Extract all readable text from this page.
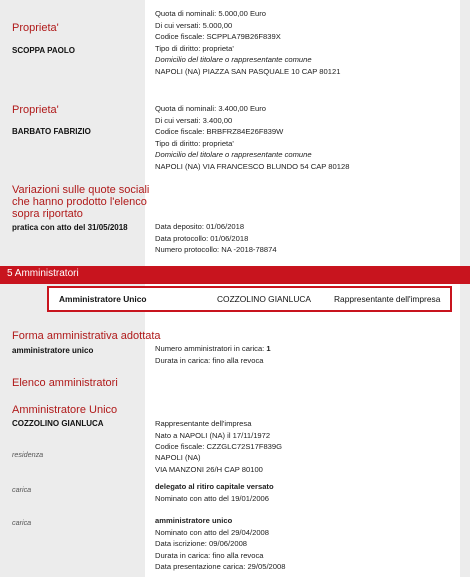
Proprieta'
SCOPPA PAOLO
Quota di nominali: 5.000,00 Euro
Di cui versati: 5.000,00
Codice fiscale: SCPPLA79B26F839X
Tipo di diritto: proprieta'
Domicilio del titolare o rappresentante comune
NAPOLI (NA) PIAZZA SAN PASQUALE 10 CAP 80121
Proprieta'
BARBATO FABRIZIO
Quota di nominali: 3.400,00 Euro
Di cui versati: 3.400,00
Codice fiscale: BRBFRZ84E26F839W
Tipo di diritto: proprieta'
Domicilio del titolare o rappresentante comune
NAPOLI (NA) VIA FRANCESCO BLUNDO 54 CAP 80128
Variazioni sulle quote sociali
che hanno prodotto l'elenco
sopra riportato
pratica con atto del 31/05/2018	Data deposito: 01/06/2018
Data protocollo: 01/06/2018
Numero protocollo: NA -2018-78874
5 Amministratori
Amministratore Unico	COZZOLINO GIANLUCA	Rappresentante dell'impresa
Forma amministrativa adottata
amministratore unico	Numero amministratori in carica: 1
Durata in carica: fino alla revoca
Elenco amministratori
Amministratore Unico
COZZOLINO GIANLUCA	Rappresentante dell'impresa
Nato a NAPOLI (NA) il 17/11/1972
Codice fiscale: CZZGLC72S17F839G
residenza	NAPOLI (NA)
VIA MANZONI 26/H CAP 80100
carica	delegato al ritiro capitale versato
Nominato con atto del 19/01/2006
carica	amministratore unico
Nominato con atto del 29/04/2008
Data iscrizione: 09/06/2008
Durata in carica: fino alla revoca
Data presentazione carica: 29/05/2008
